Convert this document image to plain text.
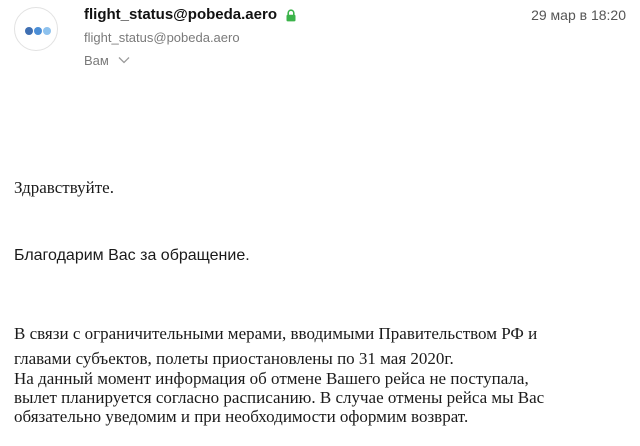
flight_status@pobeda.aero	29 мар в 18:20
flight_status@pobeda.aero
Вам

Здравствуйте.

Благодарим Вас за обращение.

В связи с ограничительными мерами, вводимыми Правительством РФ и
главами субъектов, полеты приостановлены по 31 мая 2020г.
На данный момент информация об отмене Вашего рейса не поступала,
вылет планируется согласно расписанию. В случае отмены рейса мы Вас
обязательно уведомим и при необходимости оформим возврат.
